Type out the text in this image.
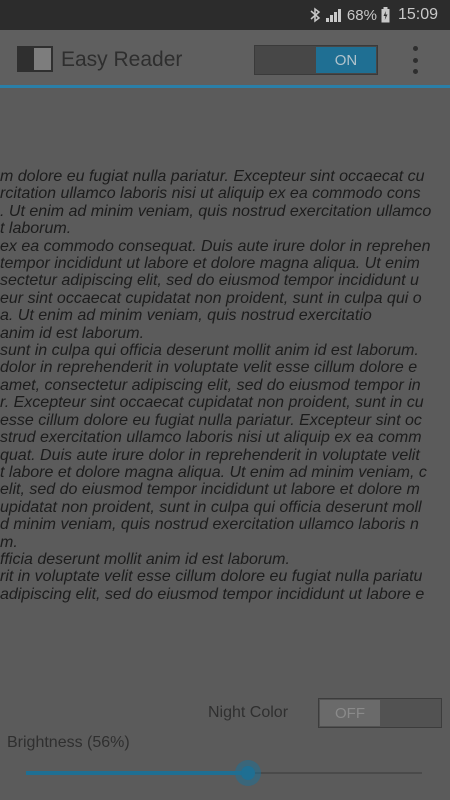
68% 15:09
Easy Reader	ON
m dolore eu fugiat nulla pariatur. Excepteur sint occaecat cu
rcitation ullamco laboris nisi ut aliquip ex ea commodo cons
. Ut enim ad minim veniam, quis nostrud exercitation ullamco
t laborum.
ex ea commodo consequat. Duis aute irure dolor in reprehen
tempor incididunt ut labore et dolore magna aliqua. Ut enim
sectetur adipiscing elit, sed do eiusmod tempor incididunt u
eur sint occaecat cupidatat non proident, sunt in culpa qui o
a. Ut enim ad minim veniam, quis nostrud exercitatio
anim id est laborum.
sunt in culpa qui officia deserunt mollit anim id est laborum.
dolor in reprehenderit in voluptate velit esse cillum dolore e
amet, consectetur adipiscing elit, sed do eiusmod tempor in
r. Excepteur sint occaecat cupidatat non proident, sunt in cu
esse cillum dolore eu fugiat nulla pariatur. Excepteur sint oc
strud exercitation ullamco laboris nisi ut aliquip ex ea comm
quat. Duis aute irure dolor in reprehenderit in voluptate velit
t labore et dolore magna aliqua. Ut enim ad minim veniam, c
elit, sed do eiusmod tempor incididunt ut labore et dolore m
upidatat non proident, sunt in culpa qui officia deserunt moll
d minim veniam, quis nostrud exercitation ullamco laboris n
m.
fficia deserunt mollit anim id est laborum.
rit in voluptate velit esse cillum dolore eu fugiat nulla pariatu
adipiscing elit, sed do eiusmod tempor incididunt ut labore e
Night Color	OFF
Brightness (56%)
